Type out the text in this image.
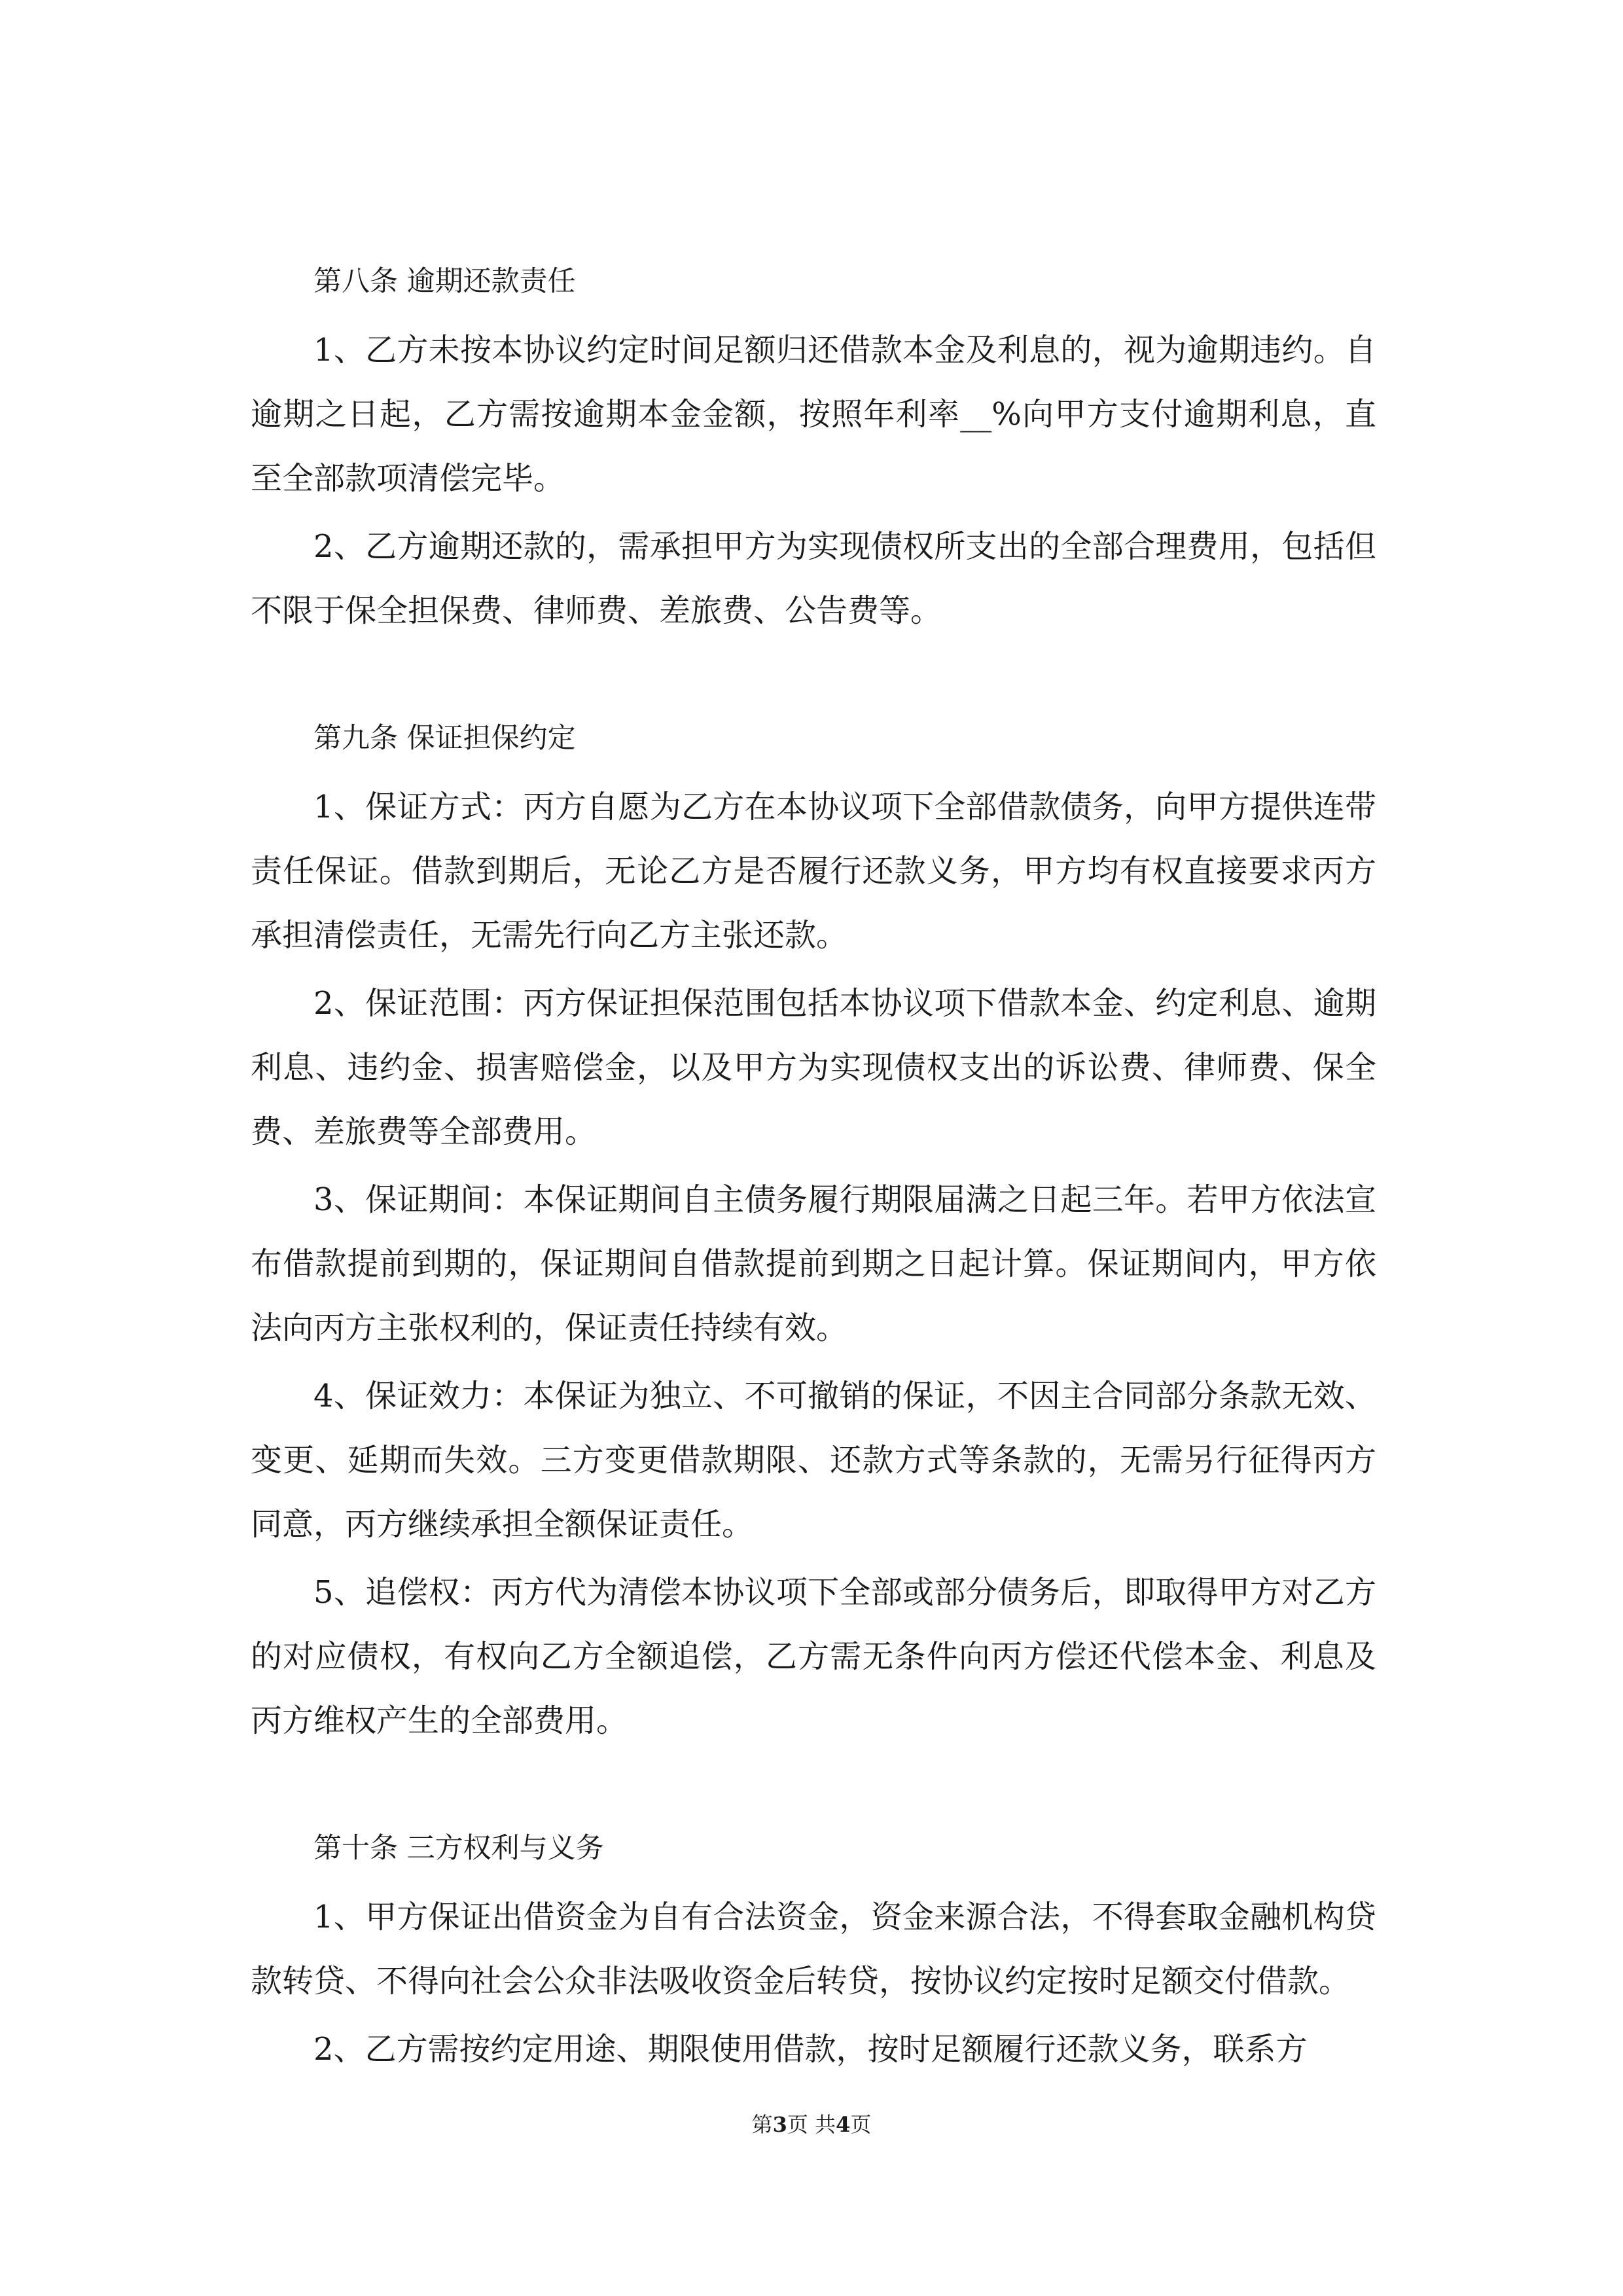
第八条 逾期还款责任

1、乙方未按本协议约定时间足额归还借款本金及利息的，视为逾期违约。自逾期之日起，乙方需按逾期本金金额，按照年利率__%向甲方支付逾期利息，直至全部款项清偿完毕。

2、乙方逾期还款的，需承担甲方为实现债权所支出的全部合理费用，包括但不限于保全担保费、律师费、差旅费、公告费等。

第九条 保证担保约定

1、保证方式：丙方自愿为乙方在本协议项下全部借款债务，向甲方提供连带责任保证。借款到期后，无论乙方是否履行还款义务，甲方均有权直接要求丙方承担清偿责任，无需先行向乙方主张还款。

2、保证范围：丙方保证担保范围包括本协议项下借款本金、约定利息、逾期利息、违约金、损害赔偿金，以及甲方为实现债权支出的诉讼费、律师费、保全费、差旅费等全部费用。

3、保证期间：本保证期间自主债务履行期限届满之日起三年。若甲方依法宣布借款提前到期的，保证期间自借款提前到期之日起计算。保证期间内，甲方依法向丙方主张权利的，保证责任持续有效。

4、保证效力：本保证为独立、不可撤销的保证，不因主合同部分条款无效、变更、延期而失效。三方变更借款期限、还款方式等条款的，无需另行征得丙方同意，丙方继续承担全额保证责任。

5、追偿权：丙方代为清偿本协议项下全部或部分债务后，即取得甲方对乙方的对应债权，有权向乙方全额追偿，乙方需无条件向丙方偿还代偿本金、利息及丙方维权产生的全部费用。

第十条 三方权利与义务

1、甲方保证出借资金为自有合法资金，资金来源合法，不得套取金融机构贷款转贷、不得向社会公众非法吸收资金后转贷，按协议约定按时足额交付借款。

2、乙方需按约定用途、期限使用借款，按时足额履行还款义务，联系方

第3页 共4页
